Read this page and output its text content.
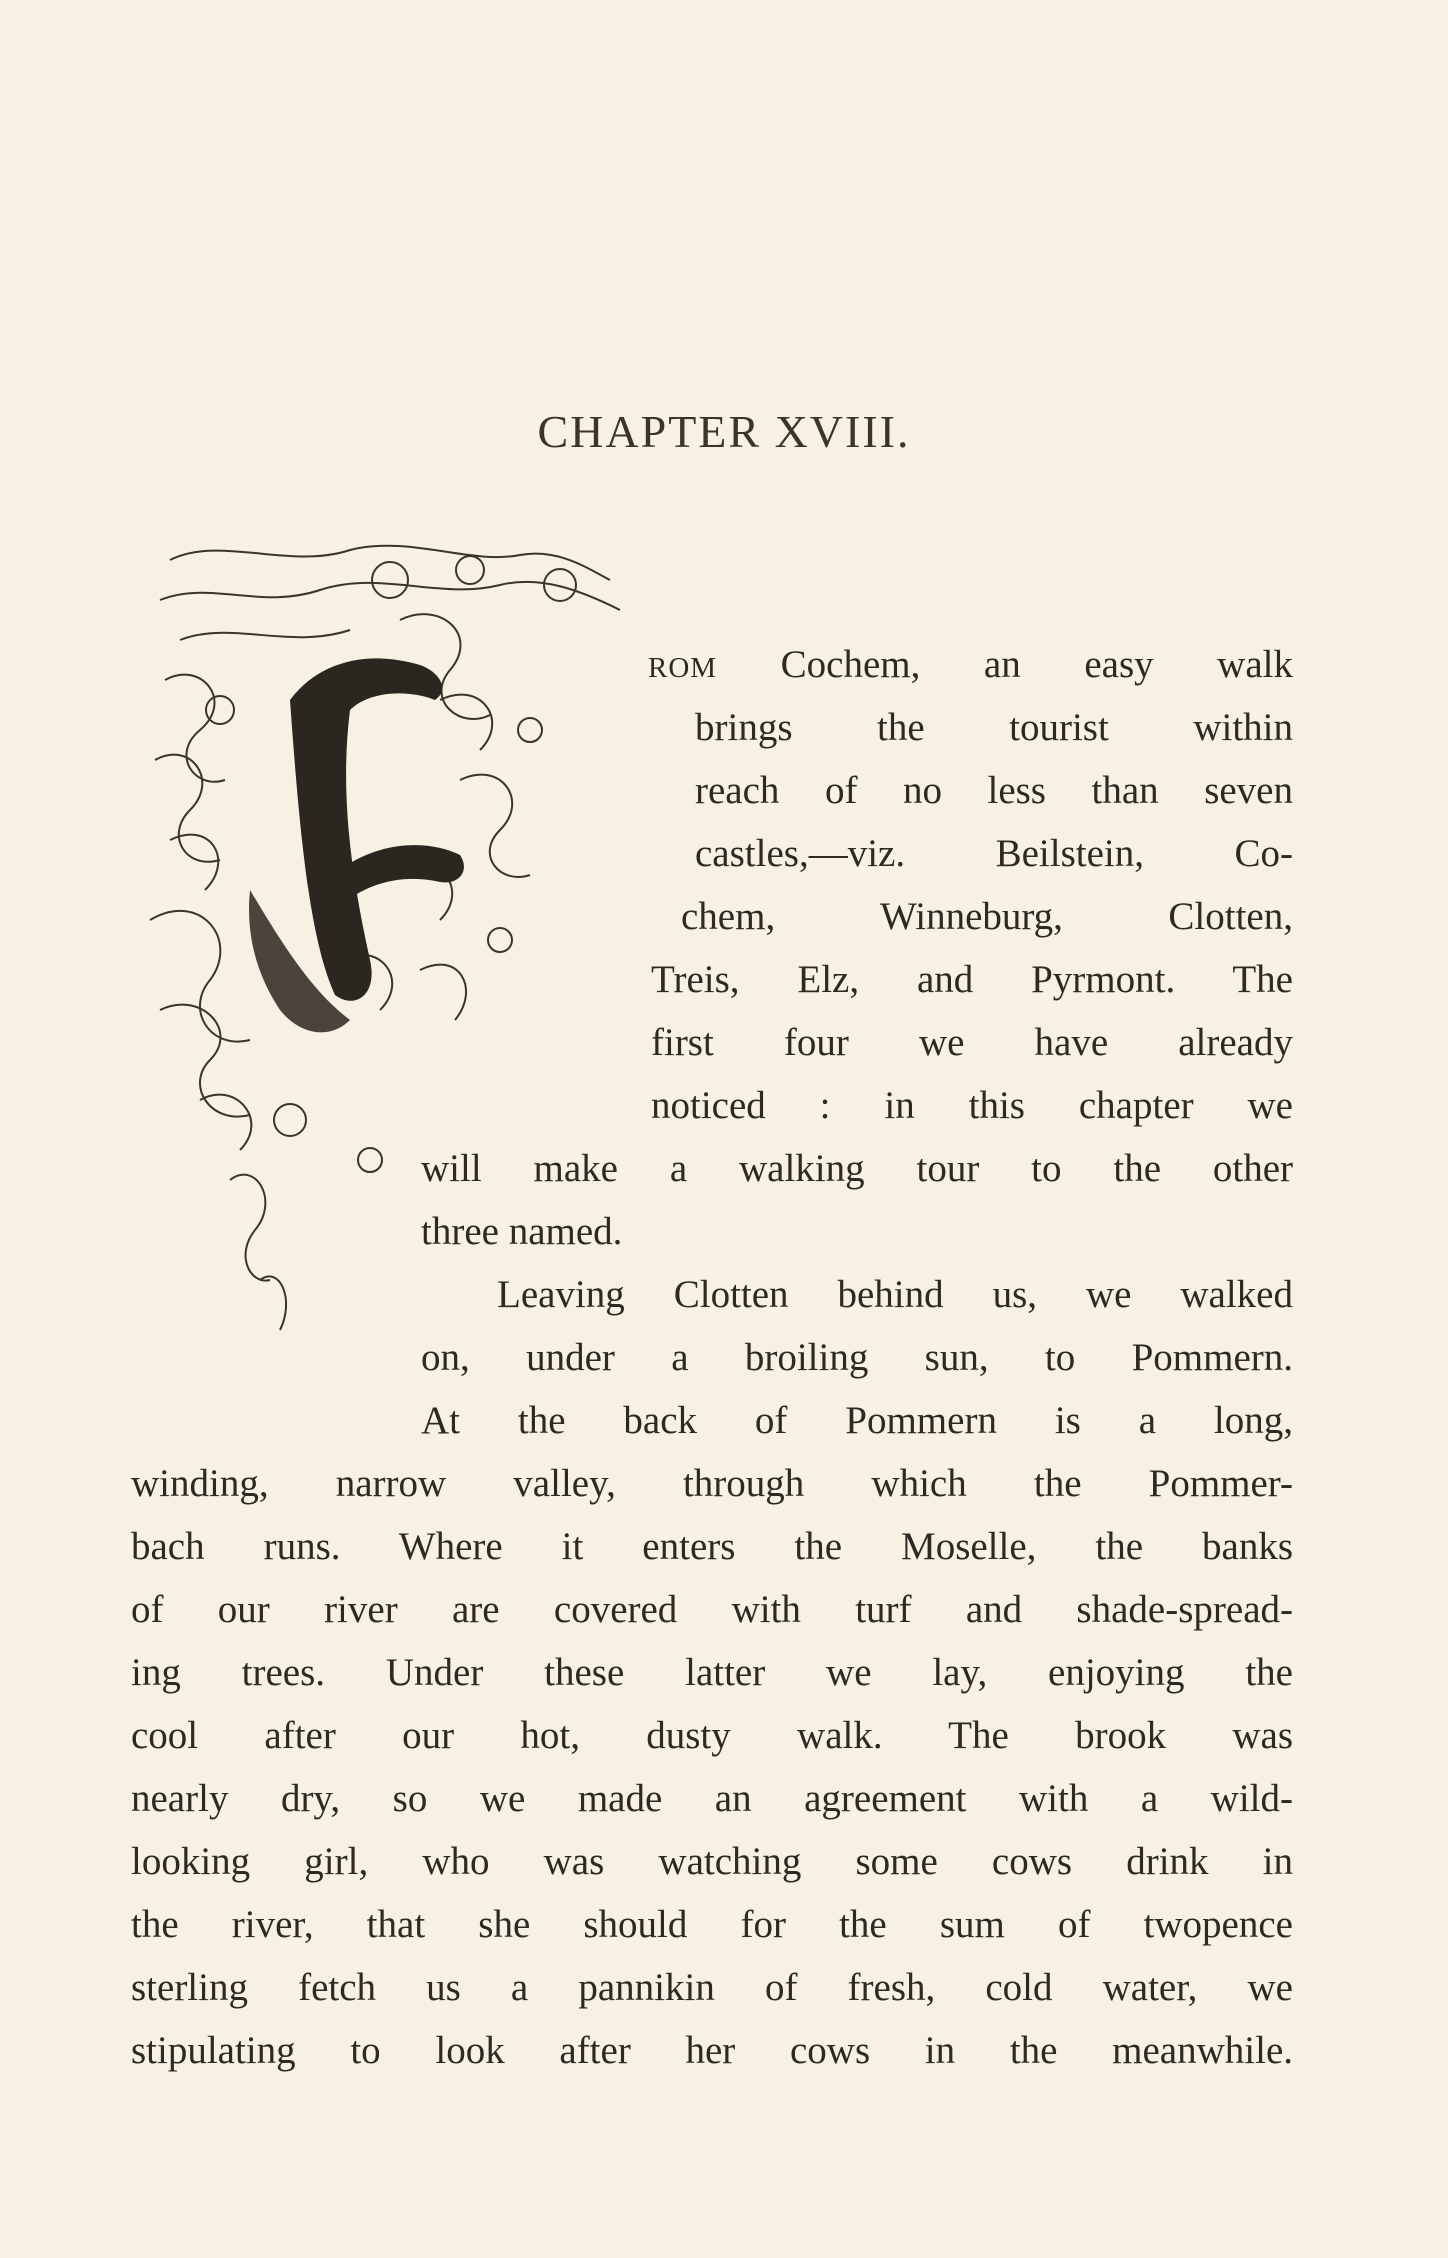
CHAPTER XVIII.
ROM Cochem, an easy walk
brings the tourist within
reach of no less than seven
castles,—viz. Beilstein, Co-
chem, Winneburg, Clotten,
Treis, Elz, and Pyrmont. The
first four we have already
noticed : in this chapter we
will make a walking tour to the other
three named.
Leaving Clotten behind us, we walked
on, under a broiling sun, to Pommern.
At the back of Pommern is a long,
winding, narrow valley, through which the Pommer-
bach runs. Where it enters the Moselle, the banks
of our river are covered with turf and shade-spread-
ing trees. Under these latter we lay, enjoying the
cool after our hot, dusty walk. The brook was
nearly dry, so we made an agreement with a wild-
looking girl, who was watching some cows drink in
the river, that she should for the sum of twopence
sterling fetch us a pannikin of fresh, cold water, we
stipulating to look after her cows in the meanwhile.
